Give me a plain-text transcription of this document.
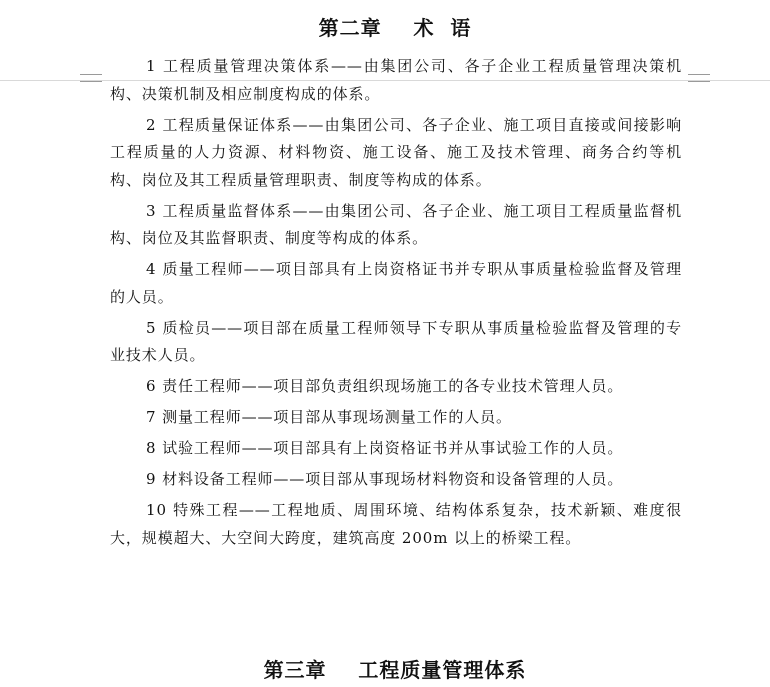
第二章    术  语

1 工程质量管理决策体系——由集团公司、各子企业工程质量管理决策机构、决策机制及相应制度构成的体系。

2 工程质量保证体系——由集团公司、各子企业、施工项目直接或间接影响工程质量的人力资源、材料物资、施工设备、施工及技术管理、商务合约等机构、岗位及其工程质量管理职责、制度等构成的体系。

3 工程质量监督体系——由集团公司、各子企业、施工项目工程质量监督机构、岗位及其监督职责、制度等构成的体系。

4 质量工程师——项目部具有上岗资格证书并专职从事质量检验监督及管理的人员。

5 质检员——项目部在质量工程师领导下专职从事质量检验监督及管理的专业技术人员。

6 责任工程师——项目部负责组织现场施工的各专业技术管理人员。

7 测量工程师——项目部从事现场测量工作的人员。

8 试验工程师——项目部具有上岗资格证书并从事试验工作的人员。

9 材料设备工程师——项目部从事现场材料物资和设备管理的人员。

10 特殊工程——工程地质、周围环境、结构体系复杂，技术新颖、难度很大，规模超大、大空间大跨度，建筑高度 200m 以上的桥梁工程。

第三章    工程质量管理体系
